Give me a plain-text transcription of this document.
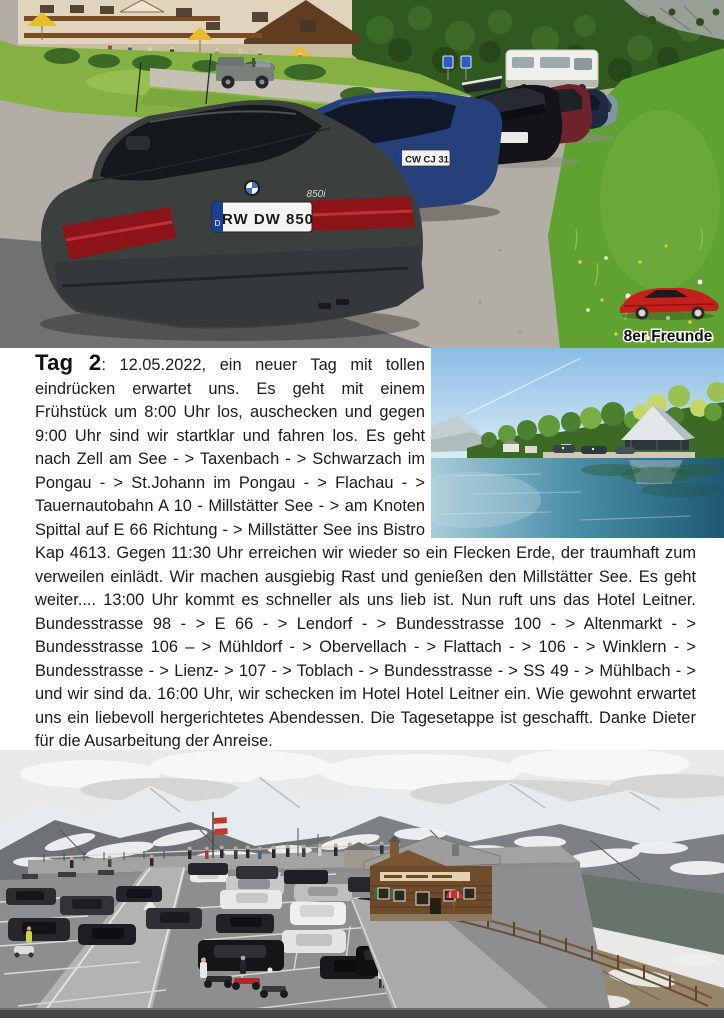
CW CJ 31
850i
D RW DW 850
8er Freunde
Tag 2: 12.05.2022, ein neuer Tag mit tollen eindrücken erwartet uns. Es geht mit einem Frühstück um 8:00 Uhr los, auschecken und gegen 9:00 Uhr sind wir startklar und fahren los. Es geht nach Zell am See - > Taxenbach - > Schwarzach im Pongau - > St.Johann im Pongau - > Flachau - > Tauernautobahn A 10 - Millstätter See - > am Knoten Spittal auf E 66 Richtung - > Millstätter See ins Bistro Kap 4613. Gegen 11:30 Uhr erreichen wir wieder so ein Flecken Erde, der traumhaft zum verweilen einlädt. Wir machen ausgiebig Rast und genießen den Millstätter See. Es geht weiter.... 13:00 Uhr kommt es schneller als uns lieb ist. Nun ruft uns das Hotel Leitner. Bundesstrasse 98 - > E 66 - > Lendorf - > Bundesstrasse 100 - > Altenmarkt - > Bundesstrasse 106 – > Mühldorf - > Obervellach - > Flattach - > 106 - > Winklern - > Bundesstrasse - > Lienz- > 107 - > Toblach - > Bundesstrasse - > SS 49 - > Mühlbach - > und wir sind da. 16:00 Uhr, wir schecken im Hotel Hotel Leitner ein. Wie gewohnt erwartet uns ein liebevoll hergerichtetes Abendessen. Die Tagesetappe ist geschafft. Danke Dieter für die Ausarbeitung der Anreise.
